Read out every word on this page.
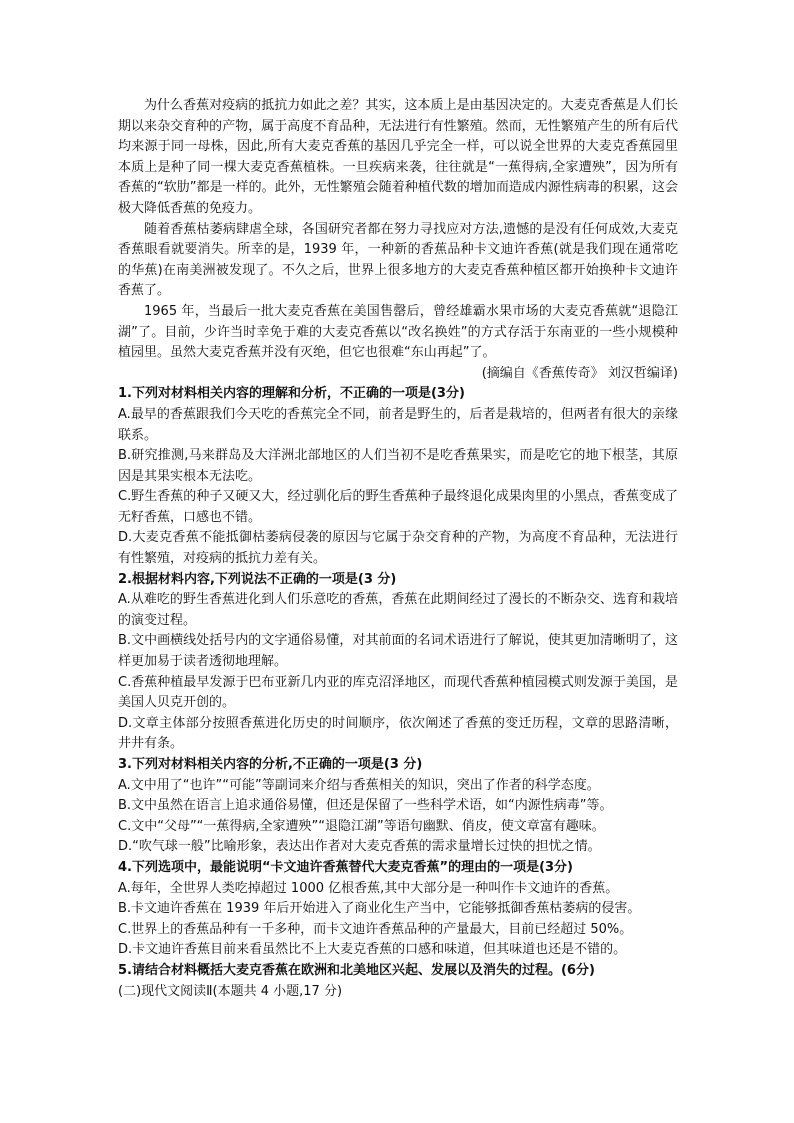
为什么香蕉对疫病的抵抗力如此之差？其实，这本质上是由基因决定的。大麦克香蕉是人们长期以来杂交育种的产物，属于高度不育品种，无法进行有性繁殖。然而，无性繁殖产生的所有后代均来源于同一母株，因此,所有大麦克香蕉的基因几乎完全一样，可以说全世界的大麦克香蕉园里本质上是种了同一棵大麦克香蕉植株。一旦疾病来袭，往往就是“一蕉得病,全家遭殃”，因为所有香蕉的“软肋”都是一样的。此外，无性繁殖会随着种植代数的增加而造成内源性病毒的积累，这会极大降低香蕉的免疫力。

随着香蕉枯萎病肆虐全球，各国研究者都在努力寻找应对方法,遗憾的是没有任何成效,大麦克香蕉眼看就要消失。所幸的是，1939 年，一种新的香蕉品种卡文迪许香蕉(就是我们现在通常吃的华蕉)在南美洲被发现了。不久之后，世界上很多地方的大麦克香蕉种植区都开始换种卡文迪许香蕉了。

1965 年，当最后一批大麦克香蕉在美国售罄后，曾经雄霸水果市场的大麦克香蕉就“退隐江湖”了。目前，少许当时幸免于难的大麦克香蕉以“改名换姓”的方式存活于东南亚的一些小规模种植园里。虽然大麦克香蕉并没有灭绝，但它也很难“东山再起”了。

(摘编自《香蕉传奇》 刘汉哲编译)

1.下列对材料相关内容的理解和分析，不正确的一项是(3分)

A.最早的香蕉跟我们今天吃的香蕉完全不同，前者是野生的，后者是栽培的，但两者有很大的亲缘联系。

B.研究推测,马来群岛及大洋洲北部地区的人们当初不是吃香蕉果实，而是吃它的地下根茎，其原因是其果实根本无法吃。

C.野生香蕉的种子又硬又大，经过驯化后的野生香蕉种子最终退化成果肉里的小黑点，香蕉变成了无籽香蕉，口感也不错。

D.大麦克香蕉不能抵御枯萎病侵袭的原因与它属于杂交育种的产物，为高度不育品种，无法进行有性繁殖，对疫病的抵抗力差有关。

2.根据材料内容,下列说法不正确的一项是(3 分)

A.从难吃的野生香蕉进化到人们乐意吃的香蕉，香蕉在此期间经过了漫长的不断杂交、选育和栽培的演变过程。

B.文中画横线处括号内的文字通俗易懂，对其前面的名词术语进行了解说，使其更加清晰明了，这样更加易于读者透彻地理解。

C.香蕉种植最早发源于巴布亚新几内亚的库克沼泽地区，而现代香蕉种植园模式则发源于美国，是美国人贝克开创的。

D.文章主体部分按照香蕉进化历史的时间顺序，依次阐述了香蕉的变迁历程，文章的思路清晰，井井有条。

3.下列对材料相关内容的分析,不正确的一项是(3 分)

A.文中用了“也许”“可能”等副词来介绍与香蕉相关的知识，突出了作者的科学态度。

B.文中虽然在语言上追求通俗易懂，但还是保留了一些科学术语，如“内源性病毒”等。

C.文中“父母”“一蕉得病,全家遭殃”“退隐江湖”等语句幽默、俏皮，使文章富有趣味。

D.“吹气球一般”比喻形象，表达出作者对大麦克香蕉的需求量增长过快的担忧之情。

4.下列选项中，最能说明“卡文迪许香蕉替代大麦克香蕉”的理由的一项是(3分)

A.每年，全世界人类吃掉超过 1000 亿根香蕉,其中大部分是一种叫作卡文迪许的香蕉。

B.卡文迪许香蕉在 1939 年后开始进入了商业化生产当中，它能够抵御香蕉枯萎病的侵害。

C.世界上的香蕉品种有一千多种，而卡文迪许香蕉品种的产量最大，目前已经超过 50%。

D.卡文迪许香蕉目前来看虽然比不上大麦克香蕉的口感和味道，但其味道也还是不错的。

5.请结合材料概括大麦克香蕉在欧洲和北美地区兴起、发展以及消失的过程。(6分)

(二)现代文阅读Ⅱ(本题共 4 小题,17 分)
